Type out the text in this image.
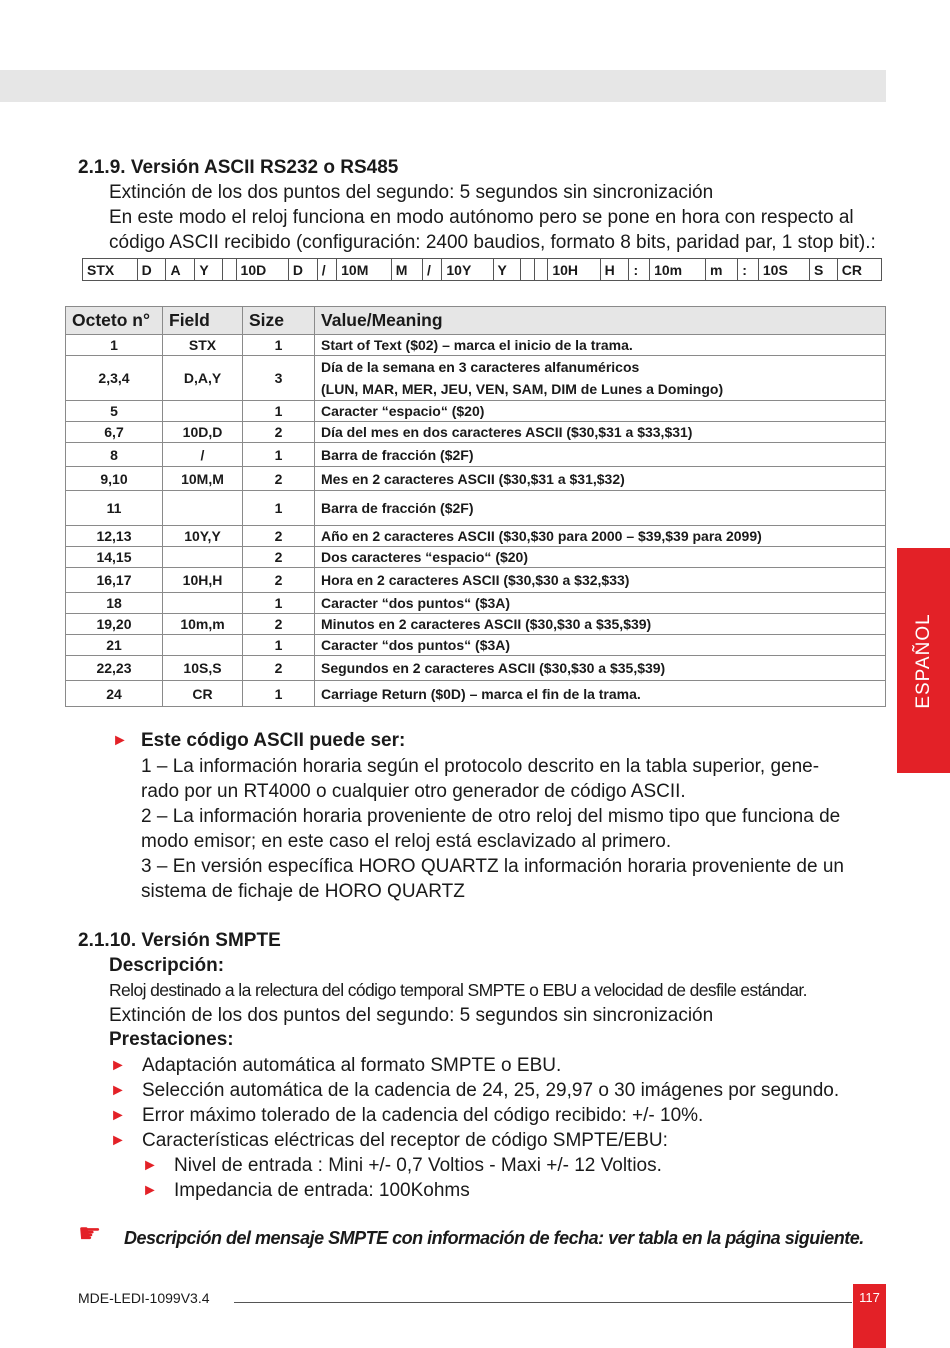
ESPAÑOL
2.1.9. Versión ASCII RS232 o RS485
Extinción de los dos puntos del segundo: 5 segundos sin sincronización
En este modo el reloj funciona en modo autónomo pero se pone en hora con respecto al
código ASCII recibido (configuración: 2400 baudios, formato 8 bits, paridad par, 1 stop bit).:
STX	D	A	Y		10D	D	/	10M	M	/	10Y	Y			10H	H	:	10m	m	:	10S	S	CR
Octeto n°	Field	Size	Value/Meaning
1	STX	1	Start of Text ($02) – marca el inicio de la trama.
2,3,4	D,A,Y	3	Día de la semana en 3 caracteres alfanuméricos
(LUN, MAR, MER, JEU, VEN, SAM, DIM de Lunes a Domingo)

5		1	Caracter “espacio“ ($20)
6,7	10D,D	2	Día del mes en dos caracteres ASCII ($30,$31 a $33,$31)
8	/	1	Barra de fracción ($2F)
9,10	10M,M	2	Mes en 2 caracteres ASCII ($30,$31 a $31,$32)
11		1	Barra de fracción ($2F)
12,13	10Y,Y	2	Año en 2 caracteres ASCII ($30,$30 para 2000 – $39,$39 para 2099)
14,15		2	Dos caracteres “espacio“ ($20)
16,17	10H,H	2	Hora en 2 caracteres ASCII ($30,$30 a $32,$33)
18		1	Caracter “dos puntos“ ($3A)
19,20	10m,m	2	Minutos en 2 caracteres ASCII ($30,$30 a $35,$39)
21		1	Caracter “dos puntos“ ($3A)
22,23	10S,S	2	Segundos en 2 caracteres ASCII ($30,$30 a $35,$39)
24	CR	1	Carriage Return ($0D) – marca el fin de la trama.
► Este código ASCII puede ser:
1 – La información horaria según el protocolo descrito en la tabla superior, gene-
rado por un RT4000 o cualquier otro generador de código ASCII.
2 – La información horaria proveniente de otro reloj del mismo tipo que funciona de
modo emisor; en este caso el reloj está esclavizado al primero.
3 – En versión específica HORO QUARTZ la información horaria proveniente de un
sistema de fichaje de HORO QUARTZ
2.1.10. Versión SMPTE
Descripción:
Reloj destinado a la relectura del código temporal SMPTE o EBU a velocidad de desfile estándar.
Extinción de los dos puntos del segundo: 5 segundos sin sincronización
Prestaciones:
► Adaptación automática al formato SMPTE o EBU.
► Selección automática de la cadencia de 24, 25, 29,97 o 30 imágenes por segundo.
► Error máximo tolerado de la cadencia del código recibido: +/- 10%.
► Características eléctricas del receptor de código SMPTE/EBU:
► Nivel de entrada : Mini +/- 0,7 Voltios - Maxi +/- 12 Voltios.
► Impedancia de entrada: 100Kohms
☛ Descripción del mensaje SMPTE con información de fecha: ver tabla en la página siguiente.
MDE-LEDI-1099V3.4	117
